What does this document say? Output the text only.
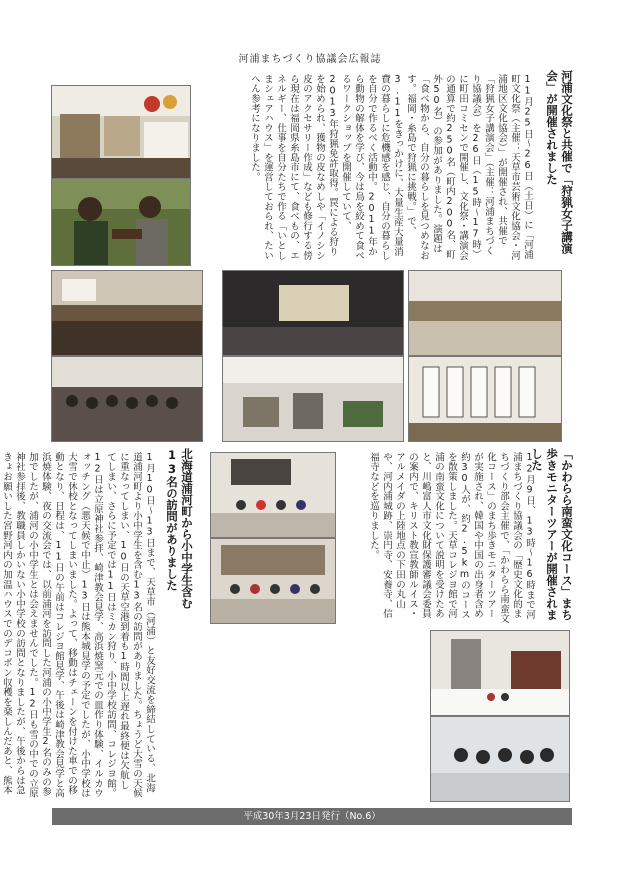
河浦まちづくり協議会広報誌
河浦文化祭と共催で「狩猟女子講演会」が開催されました
11月25日〜26日（土日）に「河浦町文化祭（主催：天草市芸術文化協会・河浦地区文化協会）」が開催され、共催で「狩猟女子講演会」（主催：河浦まちづくり協議会）を26日（15時〜17時）に町田コミセンで開催し、文化祭・講演会の通算で約250名（町内200名、町外50名）の参加がありました。演題は「食べ物から、自分の暮らしを見つめなおす。福岡・糸島で狩猟に挑戦。」で、3.11をきっかけに、大量生産大量消費の暮らしに危機感を感じ、自分の暮らしを自分で作るべく活動中。2011年から動物の解体を学び、今は鳥を絞めて食べるワークショップを開催していて、2013年狩猟免許取得。罠による狩りを始められ、獲物の皮なめしや「イノシシ皮のアクセサリー作成」なども修行する傍ら現在は福岡県糸島市にて、食べもの、エネルギー、仕事を自分たちで作る「いとしまシェアハウス」を運営しておられ、たいへん参考になりました。
「かわらら南蛮文化コース」まち歩きモニターツアーが開催されました
12月9日、13時〜16時まで河浦まちづくり協議会の「歴史文化的まちづくり部会主催で、「かわらら南蛮文化コース」のまち歩きモニターツアーが実施され、韓国や中国の出身者含め約30人が、約2.5kmのコースを散策しました。天草コレジヨ館で河浦の南蛮文化について説明を受けたあと、川嶋富人市文化財保護審議会委員の案内で、キリスト教宣教師ルイス・アルメイダの上陸地点の下田の丸山や、河内浦城跡、崇円寺、安養寺、信福寺などを巡りました。
北海道浦河町から小中学生含む13名の訪問がありました
1月10日〜13日まで、天草市（河浦）と友好交流を締結している、北海道浦河町より小中学生を含む13名の訪問がありました。ちょうど大雪の天候に重なってしまい、10日の天草空港到着も1時間以上遅れ最終便は欠航してしまい、さらに予定では11日はミカン狩り、小中学校訪問、コレジヨ館。12日は立原神社参拝、崎津教会見学、高浜焼窯元での皿作り体験、イルカウォッチング（悪天候で中止）13日は熊本城見学の予定でしたが、小中学校は大雪で休校となってしまいました。よって、移動はチェーンを付けた車での移動となり、日程は、11日の午前はコレジヨ館見学、午後は崎津教会見学と高浜焼体験、夜の交流会では、以前浦河を訪問した河浦の小中学生2名のみの参加でしたが、浦河の小中学生とは会えませんでした。12日も雪の中での立原神社参拝後、教職員しかいない小中学校の訪問となりましたが、午後からは急きょお願いした宮野河内の加温ハウスでのデコポン収穫を楽しんだあと、熊本
平成30年3月23日発行（No.6）
